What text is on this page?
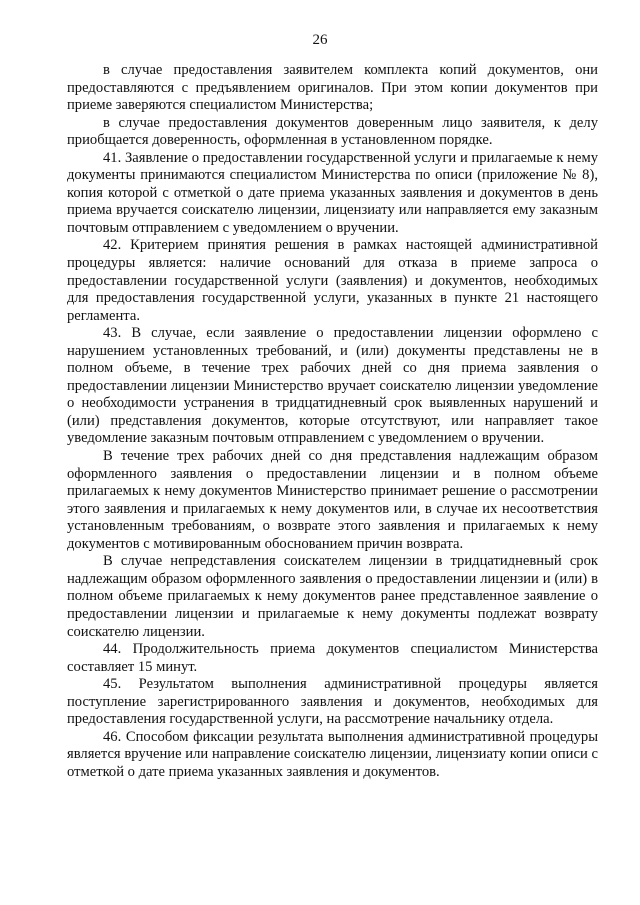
26

в случае предоставления заявителем комплекта копий документов, они предоставляются с предъявлением оригиналов. При этом копии документов при приеме заверяются специалистом Министерства;

в случае предоставления документов доверенным лицо заявителя, к делу приобщается доверенность, оформленная в установленном порядке.

41. Заявление о предоставлении государственной услуги и прилагаемые к нему документы принимаются специалистом Министерства по описи (приложение № 8), копия которой с отметкой о дате приема указанных заявления и документов в день приема вручается соискателю лицензии, лицензиату или направляется ему заказным почтовым отправлением с уведомлением о вручении.

42. Критерием принятия решения в рамках настоящей административной процедуры является: наличие оснований для отказа в приеме запроса о предоставлении государственной услуги (заявления) и документов, необходимых для предоставления государственной услуги, указанных в пункте 21 настоящего регламента.

43. В случае, если заявление о предоставлении лицензии оформлено с нарушением установленных требований, и (или) документы представлены не в полном объеме, в течение трех рабочих дней со дня приема заявления о предоставлении лицензии Министерство вручает соискателю лицензии уведомление о необходимости устранения в тридцатидневный срок выявленных нарушений и (или) представления документов, которые отсутствуют, или направляет такое уведомление заказным почтовым отправлением с уведомлением о вручении.

В течение трех рабочих дней со дня представления надлежащим образом оформленного заявления о предоставлении лицензии и в полном объеме прилагаемых к нему документов Министерство принимает решение о рассмотрении этого заявления и прилагаемых к нему документов или, в случае их несоответствия установленным требованиям, о возврате этого заявления и прилагаемых к нему документов с мотивированным обоснованием причин возврата.

В случае непредставления соискателем лицензии в тридцатидневный срок надлежащим образом оформленного заявления о предоставлении лицензии и (или) в полном объеме прилагаемых к нему документов ранее представленное заявление о предоставлении лицензии и прилагаемые к нему документы подлежат возврату соискателю лицензии.

44. Продолжительность приема документов специалистом Министерства составляет 15 минут.

45. Результатом выполнения административной процедуры является поступление зарегистрированного заявления и документов, необходимых для предоставления государственной услуги, на рассмотрение начальнику отдела.

46. Способом фиксации результата выполнения административной процедуры является вручение или направление соискателю лицензии, лицензиату копии описи с отметкой о дате приема указанных заявления и документов.
